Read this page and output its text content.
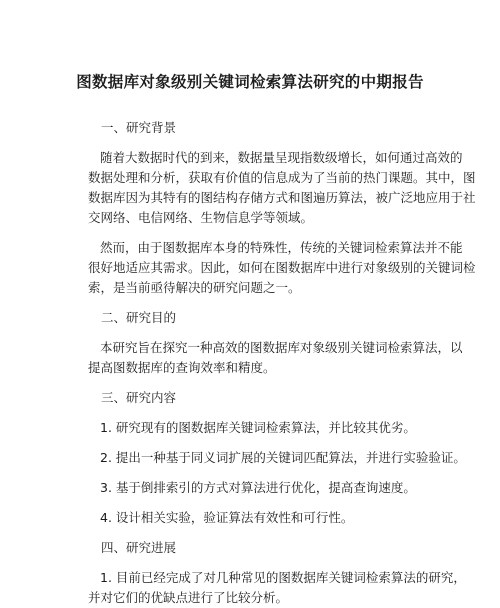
图数据库对象级别关键词检索算法研究的中期报告
一、研究背景
随着大数据时代的到来，数据量呈现指数级增长，如何通过高效的
数据处理和分析，获取有价值的信息成为了当前的热门课题。其中，图
数据库因为其特有的图结构存储方式和图遍历算法，被广泛地应用于社
交网络、电信网络、生物信息学等领域。
然而，由于图数据库本身的特殊性，传统的关键词检索算法并不能
很好地适应其需求。因此，如何在图数据库中进行对象级别的关键词检
索，是当前亟待解决的研究问题之一。
二、研究目的
本研究旨在探究一种高效的图数据库对象级别关键词检索算法，以
提高图数据库的查询效率和精度。
三、研究内容
1. 研究现有的图数据库关键词检索算法，并比较其优劣。
2. 提出一种基于同义词扩展的关键词匹配算法，并进行实验验证。
3. 基于倒排索引的方式对算法进行优化，提高查询速度。
4. 设计相关实验，验证算法有效性和可行性。
四、研究进展
1. 目前已经完成了对几种常见的图数据库关键词检索算法的研究，
并对它们的优缺点进行了比较分析。
